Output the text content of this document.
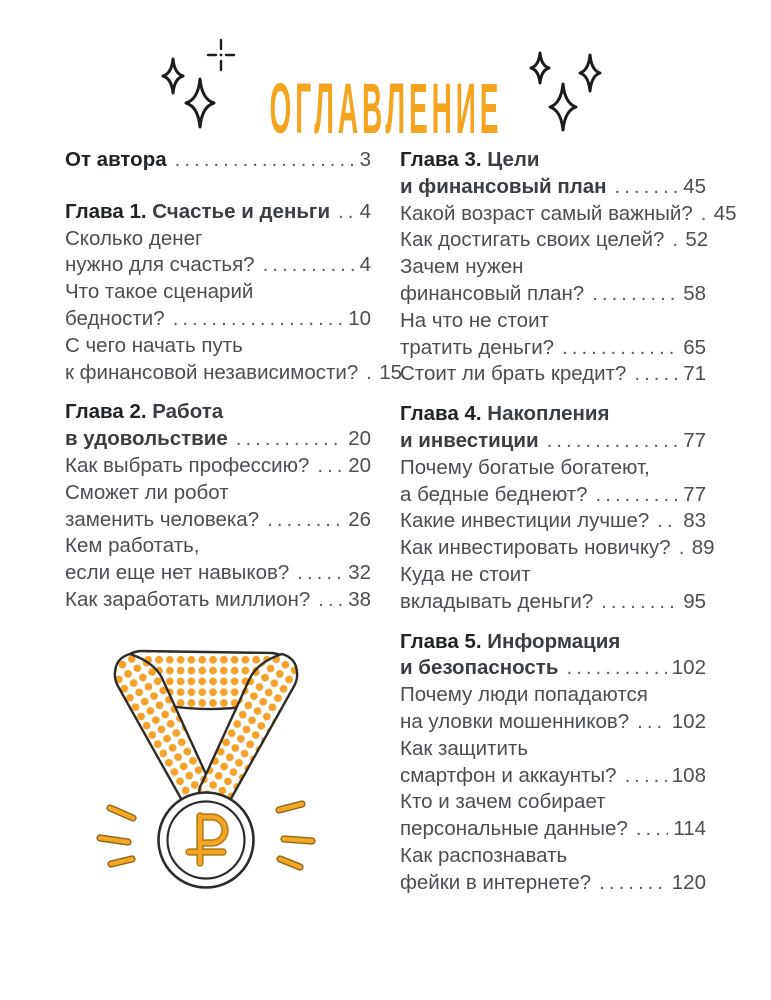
ОГЛАВЛЕНИЕ
От автора .....	3
Глава 1. Счастье и деньги ..... 4
Сколько денег
нужно для счастья? .....	4
Что такое сценарий
бедности? .....	10
С чего начать путь
к финансовой независимости? ..... 15
Глава 2. Работа
в удовольствие .....	20
Как выбрать профессию? ..... 20
Сможет ли робот
заменить человека? .....	26
Кем работать,
если еще нет навыков? .....	32
Как заработать миллион? ..... 38
Глава 3. Цели
и финансовый план .....	45
Какой возраст самый важный? ..... 45
Как достигать своих целей? ..... 52
Зачем нужен
финансовый план? .....	58
На что не стоит
тратить деньги? .....	65
Стоит ли брать кредит? .....	71
Глава 4. Накопления
и инвестиции .....	77
Почему богатые богатеют,
а бедные беднеют? .....	77
Какие инвестиции лучше? ..... 83
Как инвестировать новичку? ..... 89
Куда не стоит
вкладывать деньги? .....	95
Глава 5. Информация
и безопасность .....	102
Почему люди попадаются
на уловки мошенников? ..... 102
Как защитить
смартфон и аккаунты? .....	108
Кто и зачем собирает
персональные данные? ..... 114
Как распознавать
фейки в интернете? .....	120
